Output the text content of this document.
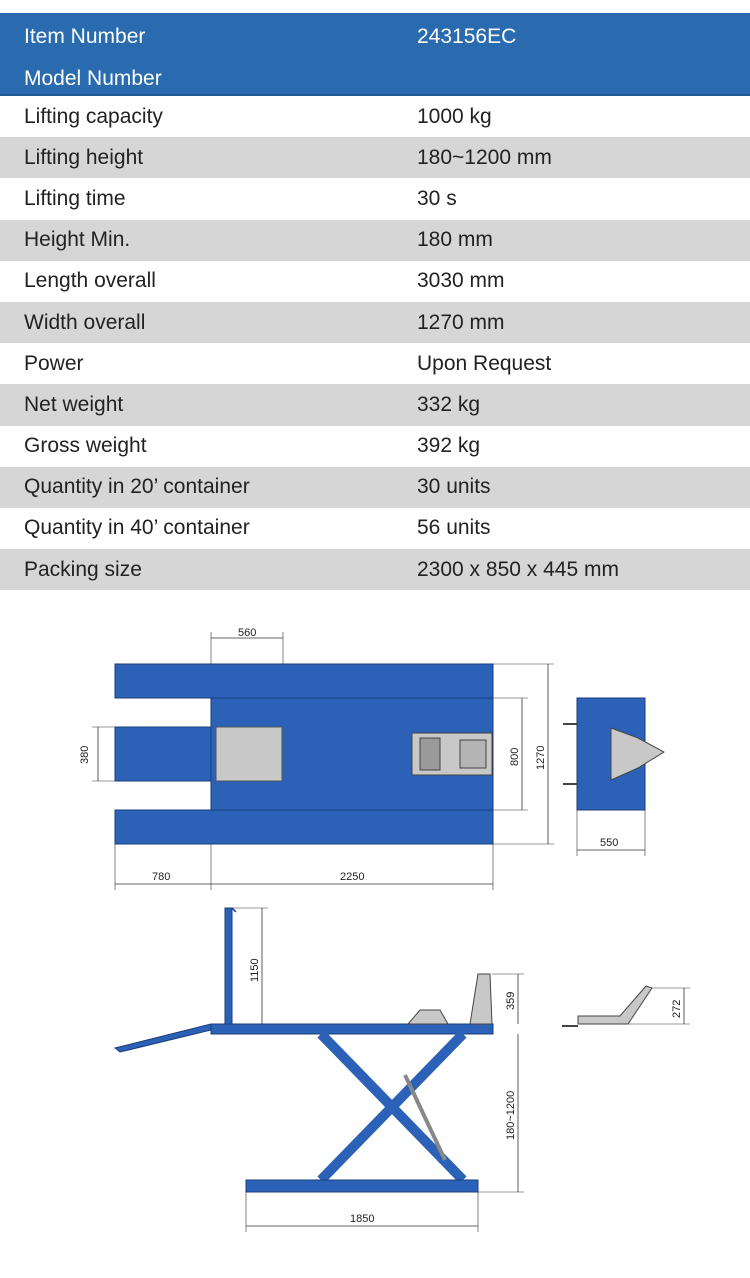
Item Number	243156EC
Model Number
Lifting capacity	1000 kg
Lifting height	180~1200 mm
Lifting time	30 s
Height Min.	180 mm
Length overall	3030 mm
Width overall	1270 mm
Power	Upon Request
Net weight	332 kg
Gross weight	392 kg
Quantity in 20’ container	30 units
Quantity in 40’ container	56 units
Packing size	2300 x 850 x 445 mm
560
380	800 1270
780	2250
550
1150
359
180~1200
1850
272
